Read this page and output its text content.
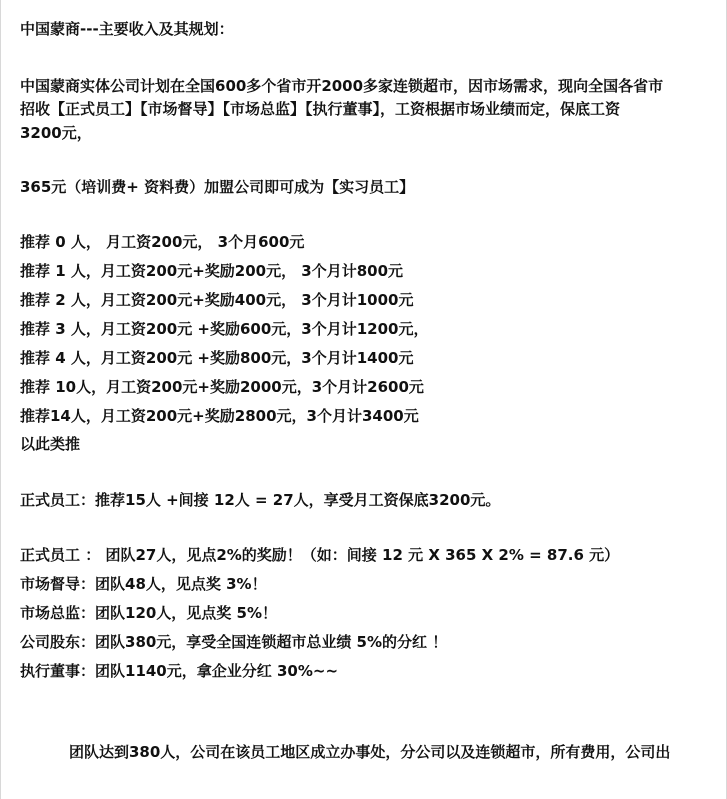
中国蒙商---主要收入及其规划：
中国蒙商实体公司计划在全国600多个省市开2000多家连锁超市，因市场需求，现向全国各省市
招收【正式员工】【市场督导】【市场总监】【执行董事】，工资根据市场业绩而定，保底工资
3200元，
365元（培训费+ 资料费）加盟公司即可成为【实习员工】
推荐 0 人， 月工资200元， 3个月600元
推荐 1 人，月工资200元+奖励200元， 3个月计800元
推荐 2 人，月工资200元+奖励400元， 3个月计1000元
推荐 3 人，月工资200元 +奖励600元，3个月计1200元，
推荐 4 人，月工资200元 +奖励800元，3个月计1400元
推荐 10人，月工资200元+奖励2000元，3个月计2600元
推荐14人，月工资200元+奖励2800元，3个月计3400元
以此类推
正式员工：推荐15人 +间接 12人 = 27人，享受月工资保底3200元。
正式员工 ： 团队27人，见点2%的奖励！（如：间接 12 元 X 365 X 2% = 87.6 元）
市场督导：团队48人，见点奖 3%！
市场总监：团队120人，见点奖 5%！
公司股东：团队380元，享受全国连锁超市总业绩 5%的分红 ！
执行董事：团队1140元，拿企业分红 30%~~
团队达到380人，公司在该员工地区成立办事处，分公司以及连锁超市，所有费用，公司出
